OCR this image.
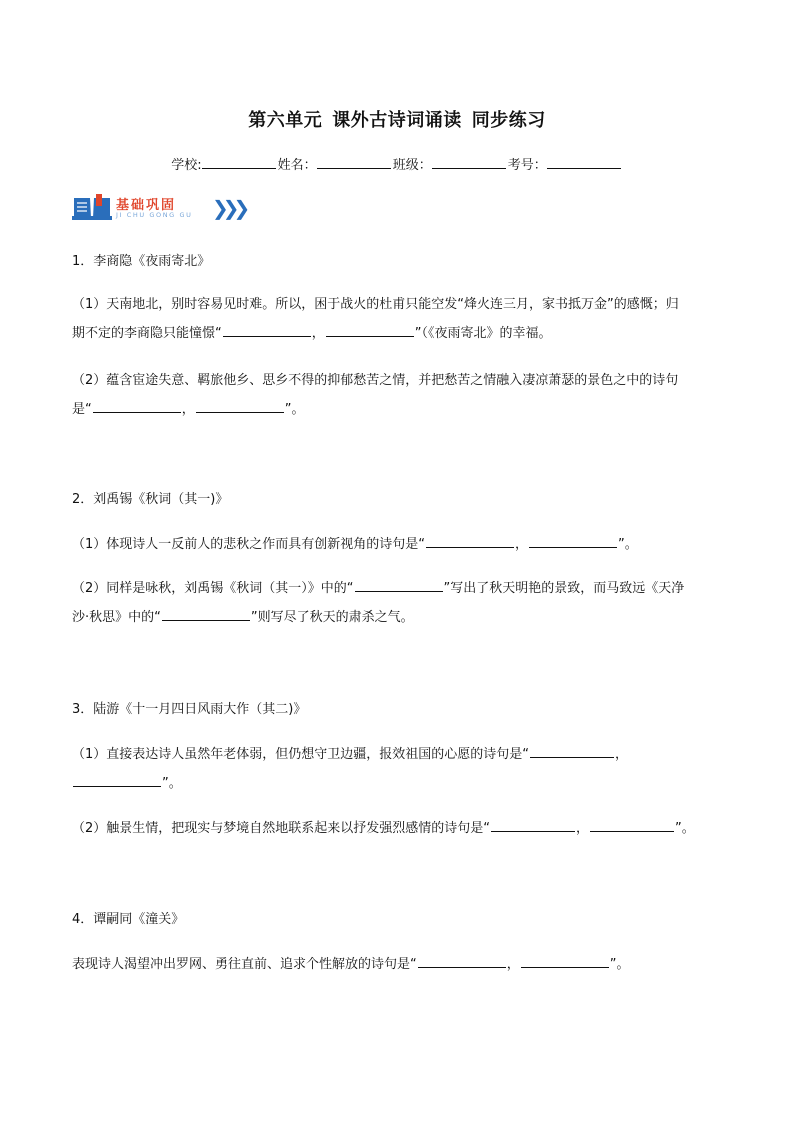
第六单元 课外古诗词诵读 同步练习
学校:	姓名：	班级：	考号：
基础巩固
JI CHU GONG GU ❯❯❯
1．李商隐《夜雨寄北》
（1）天南地北，别时容易见时难。所以，困于战火的杜甫只能空发“烽火连三月，家书抵万金”的感慨；归
期不定的李商隐只能憧憬“	，	”（《夜雨寄北》的幸福。
（2）蕴含宦途失意、羁旅他乡、思乡不得的抑郁愁苦之情，并把愁苦之情融入凄凉萧瑟的景色之中的诗句
是“	，	”。
2．刘禹锡《秋词（其一)》
（1）体现诗人一反前人的悲秋之作而具有创新视角的诗句是“	，	”。
（2）同样是咏秋，刘禹锡《秋词（其一）》中的“	”写出了秋天明艳的景致，而马致远《天净
沙·秋思》中的“	”则写尽了秋天的肃杀之气。
3．陆游《十一月四日风雨大作（其二)》
（1）直接表达诗人虽然年老体弱，但仍想守卫边疆，报效祖国的心愿的诗句是“	，
”。
（2）触景生情，把现实与梦境自然地联系起来以抒发强烈感情的诗句是“	，	”。
4．谭嗣同《潼关》
表现诗人渴望冲出罗网、勇往直前、追求个性解放的诗句是“	，	”。
